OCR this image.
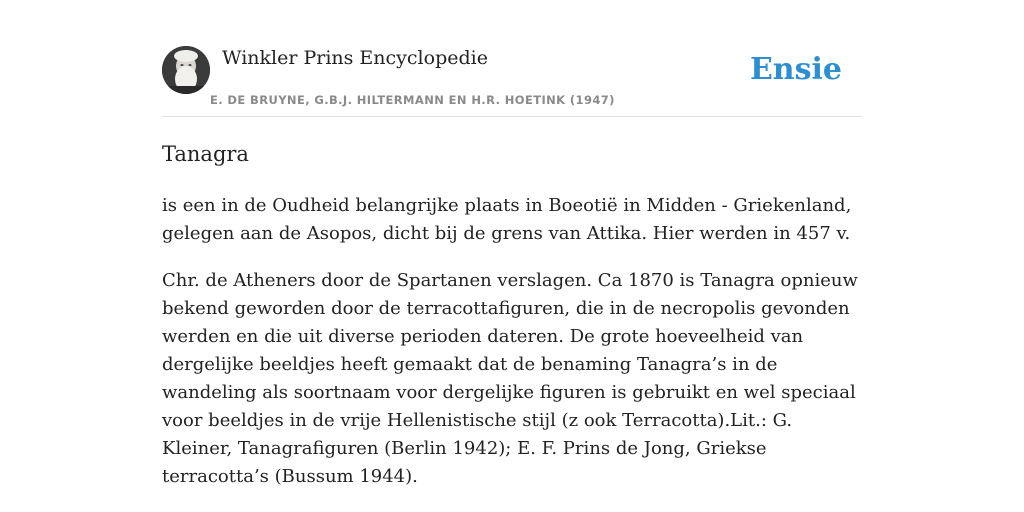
Winkler Prins Encyclopedie
E. DE BRUYNE, G.B.J. HILTERMANN EN H.R. HOETINK (1947)
Ensie
Tanagra

is een in de Oudheid belangrijke plaats in Boeotië in Midden - Griekenland, gelegen aan de Asopos, dicht bij de grens van Attika. Hier werden in 457 v.

Chr. de Atheners door de Spartanen verslagen. Ca 1870 is Tanagra opnieuw bekend geworden door de terracottafiguren, die in de necropolis gevonden werden en die uit diverse perioden dateren. De grote hoeveelheid van dergelijke beeldjes heeft gemaakt dat de benaming Tanagra’s in de wandeling als soortnaam voor dergelijke figuren is gebruikt en wel speciaal voor beeldjes in de vrije Hellenistische stijl (z ook Terracotta).Lit.: G. Kleiner, Tanagrafiguren (Berlin 1942); E. F. Prins de Jong, Griekse terracotta’s (Bussum 1944).
